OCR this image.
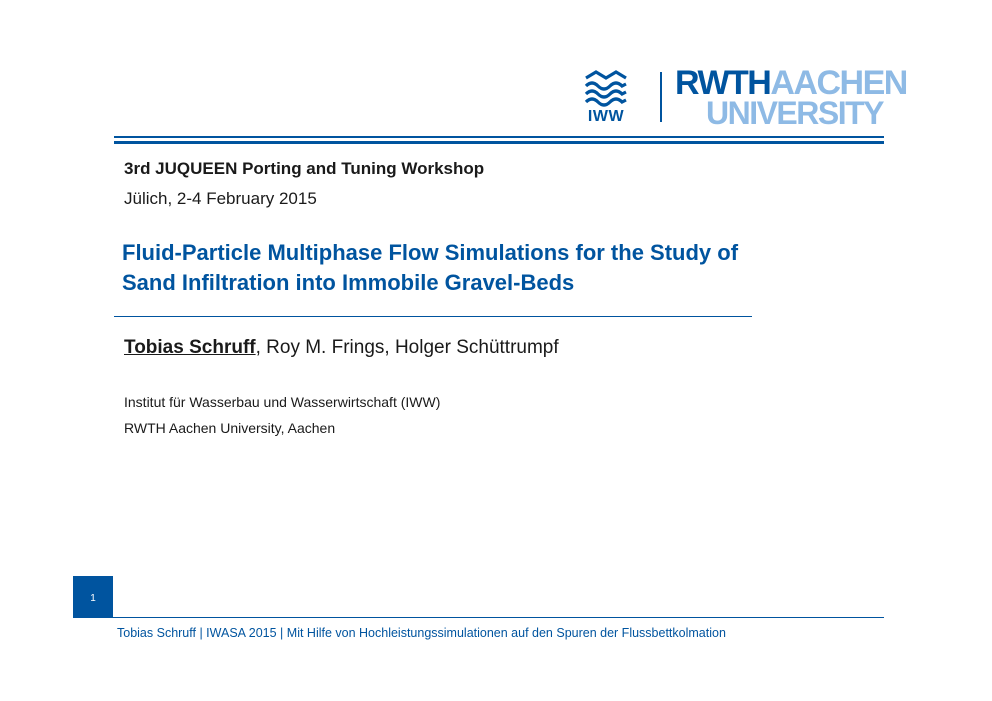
IWW
RWTHAACHEN
UNIVERSITY
3rd JUQUEEN Porting and Tuning Workshop
Jülich, 2-4 February 2015
Fluid-Particle Multiphase Flow Simulations for the Study of
Sand Infiltration into Immobile Gravel-Beds
Tobias Schruff, Roy M. Frings, Holger Schüttrumpf
Institut für Wasserbau und Wasserwirtschaft (IWW)
RWTH Aachen University, Aachen
1
Tobias Schruff | IWASA 2015 | Mit Hilfe von Hochleistungssimulationen auf den Spuren der Flussbettkolmation
